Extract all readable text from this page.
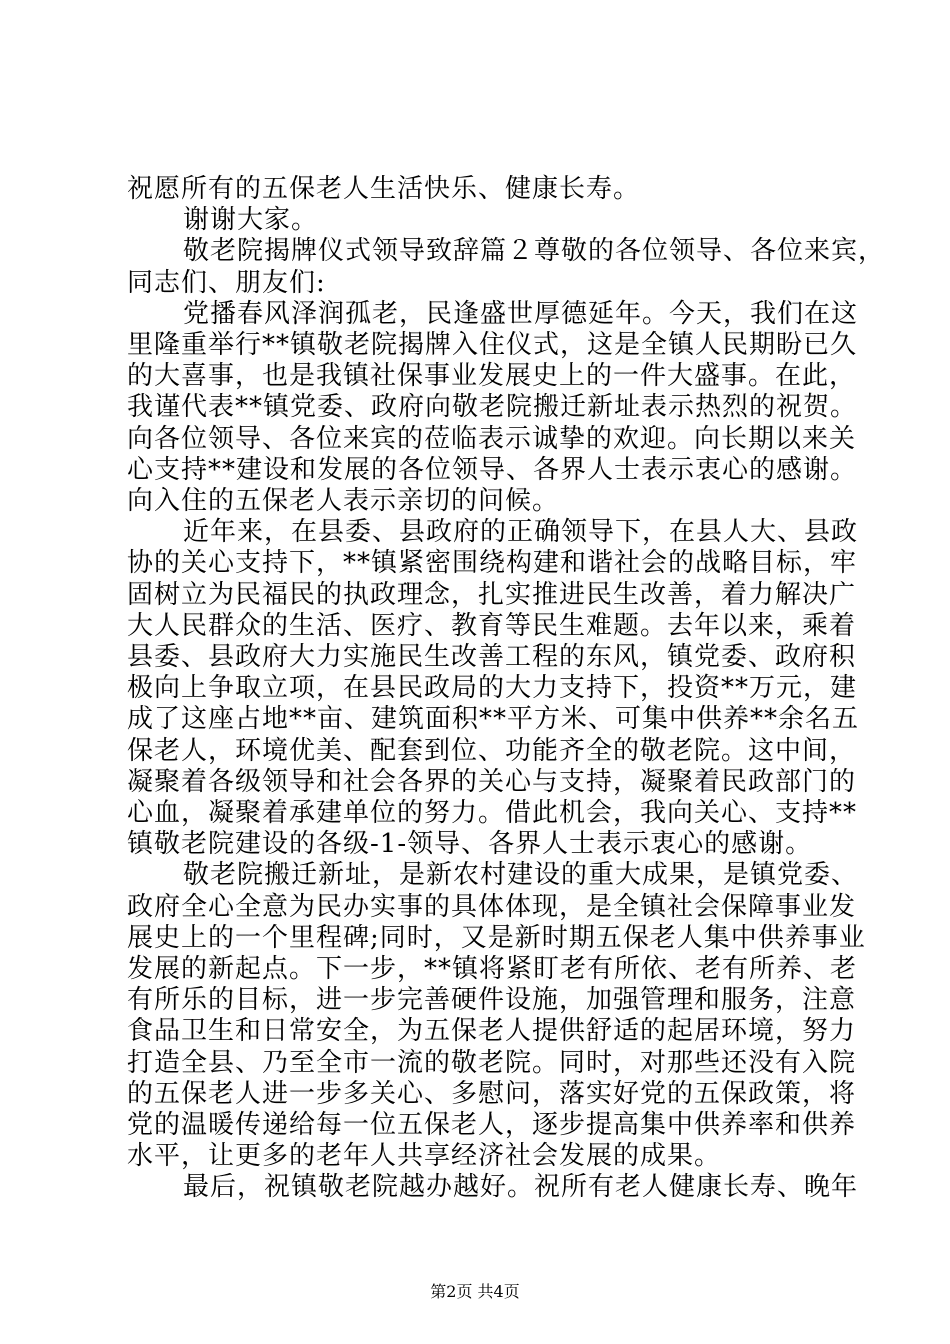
祝愿所有的五保老人生活快乐、健康长寿。
谢谢大家。
敬老院揭牌仪式领导致辞篇２尊敬的各位领导、各位来宾，
同志们、朋友们:
党播春风泽润孤老，民逢盛世厚德延年。今天，我们在这
里隆重举行**镇敬老院揭牌入住仪式，这是全镇人民期盼已久
的大喜事，也是我镇社保事业发展史上的一件大盛事。在此，
我谨代表**镇党委、政府向敬老院搬迁新址表示热烈的祝贺。
向各位领导、各位来宾的莅临表示诚挚的欢迎。向长期以来关
心支持**建设和发展的各位领导、各界人士表示衷心的感谢。
向入住的五保老人表示亲切的问候。
近年来，在县委、县政府的正确领导下，在县人大、县政
协的关心支持下，**镇紧密围绕构建和谐社会的战略目标，牢
固树立为民福民的执政理念，扎实推进民生改善，着力解决广
大人民群众的生活、医疗、教育等民生难题。去年以来，乘着
县委、县政府大力实施民生改善工程的东风，镇党委、政府积
极向上争取立项，在县民政局的大力支持下，投资**万元，建
成了这座占地**亩、建筑面积**平方米、可集中供养**余名五
保老人，环境优美、配套到位、功能齐全的敬老院。这中间，
凝聚着各级领导和社会各界的关心与支持，凝聚着民政部门的
心血，凝聚着承建单位的努力。借此机会，我向关心、支持**
镇敬老院建设的各级-1-领导、各界人士表示衷心的感谢。
敬老院搬迁新址，是新农村建设的重大成果，是镇党委、
政府全心全意为民办实事的具体体现，是全镇社会保障事业发
展史上的一个里程碑;同时，又是新时期五保老人集中供养事业
发展的新起点。下一步，**镇将紧盯老有所依、老有所养、老
有所乐的目标，进一步完善硬件设施，加强管理和服务，注意
食品卫生和日常安全，为五保老人提供舒适的起居环境，努力
打造全县、乃至全市一流的敬老院。同时，对那些还没有入院
的五保老人进一步多关心、多慰问，落实好党的五保政策，将
党的温暖传递给每一位五保老人，逐步提高集中供养率和供养
水平，让更多的老年人共享经济社会发展的成果。
最后，祝镇敬老院越办越好。祝所有老人健康长寿、晚年
第2页 共4页
